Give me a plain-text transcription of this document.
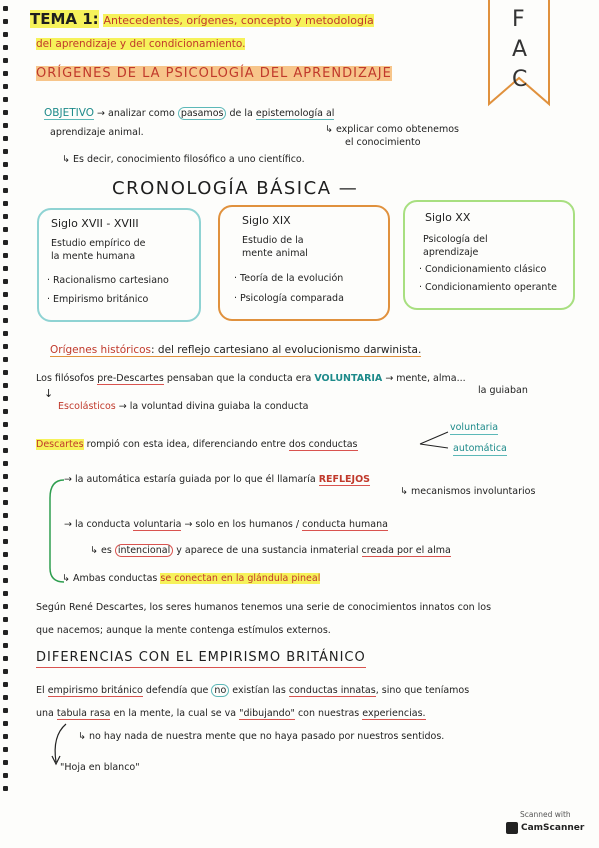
F
A
C
TEMA 1: Antecedentes, orígenes, concepto y metodología
del aprendizaje y del condicionamiento.
ORÍGENES DE LA PSICOLOGÍA DEL APRENDIZAJE
OBJETIVO → analizar como pasamos de la epistemología al
aprendizaje animal.	↳ explicar como obtenemos
el conocimiento
↳ Es decir, conocimiento filosófico a uno científico.
CRONOLOGÍA BÁSICA —
Siglo XVII - XVIII
Estudio empírico de
la mente humana
· Racionalismo cartesiano
· Empirismo británico
Siglo XIX
Estudio de la
mente animal
· Teoría de la evolución
· Psicología comparada
Siglo XX
Psicología del
aprendizaje
· Condicionamiento clásico
· Condicionamiento operante
Orígenes históricos: del reflejo cartesiano al evolucionismo darwinista.
Los filósofos pre-Descartes pensaban que la conducta era VOLUNTARIA → mente, alma...
la guiaban
↓
Escolásticos → la voluntad divina guiaba la conducta
Descartes rompió con esta idea, diferenciando entre dos conductas
voluntaria
automática
→ la automática estaría guiada por lo que él llamaría REFLEJOS
↳ mecanismos involuntarios
→ la conducta voluntaria → solo en los humanos / conducta humana
↳ es intencional y aparece de una sustancia inmaterial creada por el alma
↳ Ambas conductas se conectan en la glándula pineal
Según René Descartes, los seres humanos tenemos una serie de conocimientos innatos con los
que nacemos; aunque la mente contenga estímulos externos.
DIFERENCIAS CON EL EMPIRISMO BRITÁNICO
El empirismo británico defendía que no existían las conductas innatas, sino que teníamos
una tabula rasa en la mente, la cual se va "dibujando" con nuestras experiencias.
↳ no hay nada de nuestra mente que no haya pasado por nuestros sentidos.
"Hoja en blanco"
Scanned with
CamScanner
